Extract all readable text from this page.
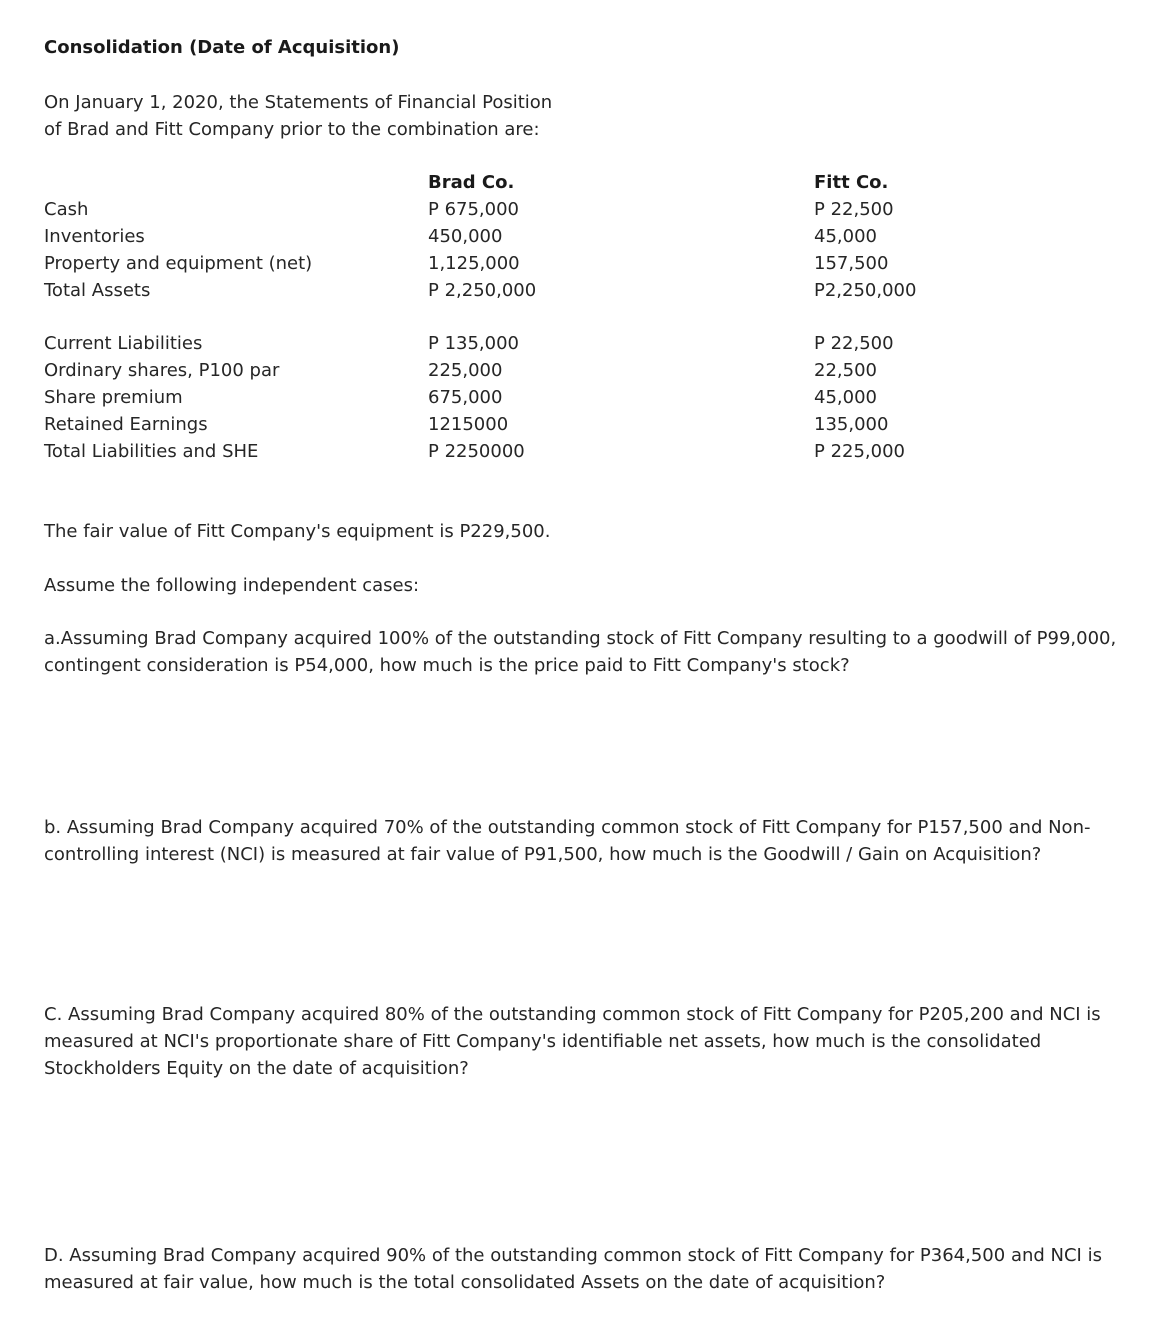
Consolidation (Date of Acquisition)
On January 1, 2020, the Statements of Financial Position
of Brad and Fitt Company prior to the combination are:
Brad Co.	Fitt Co.
Cash	P 675,000	P 22,500
Inventories	450,000	45,000
Property and equipment (net)	1,125,000	157,500
Total Assets	P 2,250,000	P2,250,000
Current Liabilities	P 135,000	P 22,500
Ordinary shares, P100 par	225,000	22,500
Share premium	675,000	45,000
Retained Earnings	1215000	135,000
Total Liabilities and SHE	P 2250000	P 225,000
The fair value of Fitt Company's equipment is P229,500.
Assume the following independent cases:
a.Assuming Brad Company acquired 100% of the outstanding stock of Fitt Company resulting to a goodwill of P99,000, contingent consideration is P54,000, how much is the price paid to Fitt Company's stock?
b. Assuming Brad Company acquired 70% of the outstanding common stock of Fitt Company for P157,500 and Non-controlling interest (NCI) is measured at fair value of P91,500, how much is the Goodwill / Gain on Acquisition?
C. Assuming Brad Company acquired 80% of the outstanding common stock of Fitt Company for P205,200 and NCI is measured at NCI's proportionate share of Fitt Company's identifiable net assets, how much is the consolidated Stockholders Equity on the date of acquisition?
D. Assuming Brad Company acquired 90% of the outstanding common stock of Fitt Company for P364,500 and NCI is measured at fair value, how much is the total consolidated Assets on the date of acquisition?
